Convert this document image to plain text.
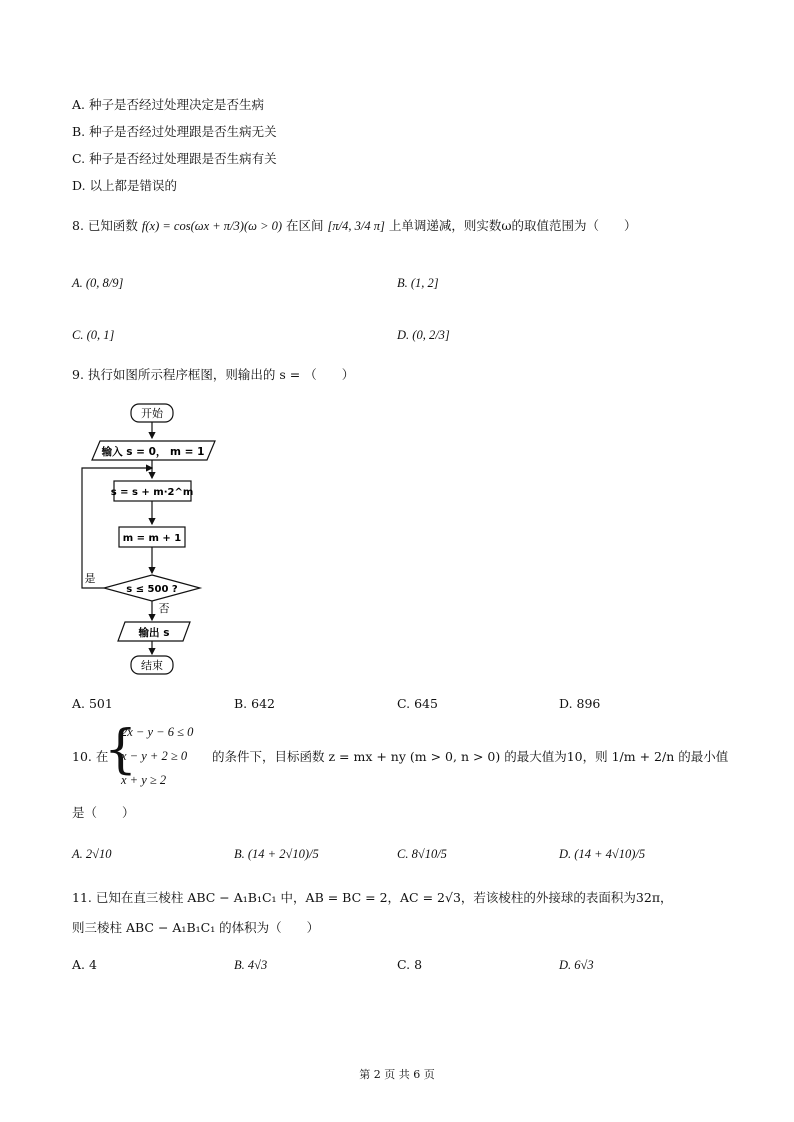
A. 种子是否经过处理决定是否生病
B. 种子是否经过处理跟是否生病无关
C. 种子是否经过处理跟是否生病有关
D. 以上都是错误的
8. 已知函数 f(x) = cos(ωx + π/3)(ω > 0) 在区间 [π/4, 3/4 π] 上单调递减，则实数ω的取值范围为（　　）
A. (0, 8/9]	B. (1, 2]
C. (0, 1]	D. (0, 2/3]
9. 执行如图所示程序框图，则输出的 s = （　　）
开始
输入 s = 0， m = 1
s = s + m·2^m
m = m + 1
s ≤ 500 ?
是
否
输出 s
结束
A. 501	B. 642	C. 645	D. 896
10. 在
{
2x − y − 6 ≤ 0
x − y + 2 ≥ 0
x + y ≥ 2
的条件下，目标函数 z = mx + ny (m > 0, n > 0) 的最大值为10，则 1/m + 2/n 的最小值
是（　　）
A. 2√10	B. (14 + 2√10)/5	C. 8√10/5	D. (14 + 4√10)/5
11. 已知在直三棱柱 ABC − A₁B₁C₁ 中，AB = BC = 2，AC = 2√3，若该棱柱的外接球的表面积为32π，
则三棱柱 ABC − A₁B₁C₁ 的体积为（　　）
A. 4	B. 4√3	C. 8	D. 6√3
第 2 页 共 6 页
